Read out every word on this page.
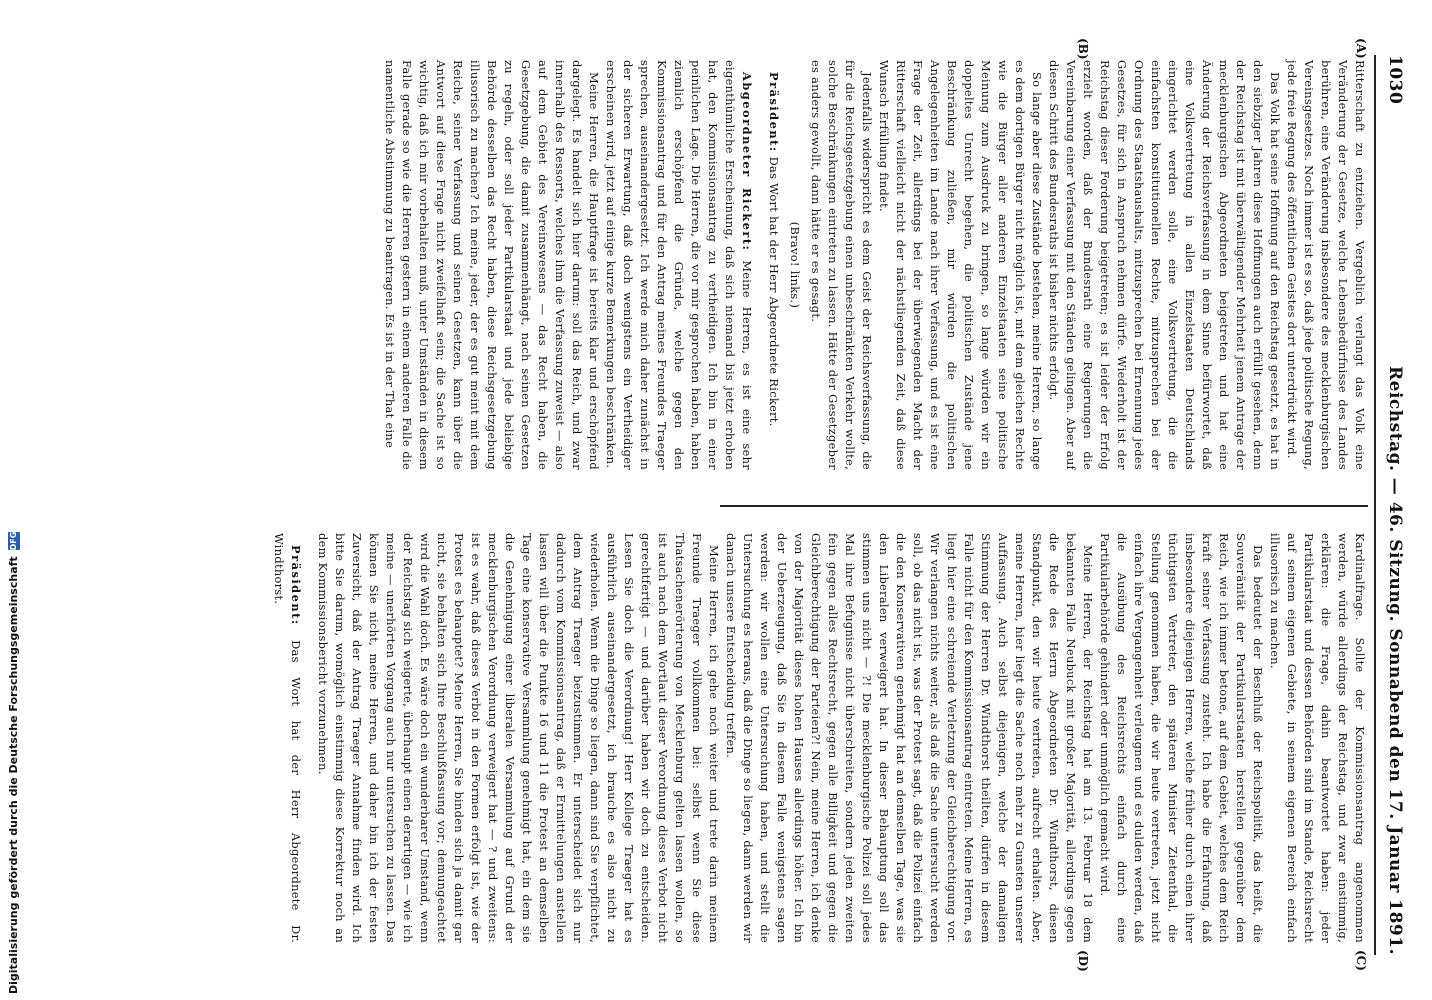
1030
Reichstag. — 46. Sitzung. Sonnabend den 17. Januar 1891.
(A)
(B)
(C)
(D)

Ritterschaft zu entziehen. Vergeblich verlangt das Volk eine Veränderung der Gesetze, welche Lebensbedürfnisse des Landes berühren, eine Veränderung insbesondere des mecklenburgischen Vereinsgesetzes. Noch immer ist es so, daß jede politische Regung, jede freie Regung des öffentlichen Geistes dort unterdrückt wird.

Das Volk hat seine Hoffnung auf den Reichstag gesetzt, es hat in den siebziger Jahren diese Hoffnungen auch erfüllt gesehen, denn der Reichstag ist mit überwältigender Mehrheit jenem Antrage der mecklenburgischen Abgeordneten beigetreten und hat eine Änderung der Reichsverfassung in dem Sinne befürwortet, daß eine Volksvertretung in allen Einzelstaaten Deutschlands eingerichtet werden solle, eine Volksvertretung, die die einfachsten konstitutionellen Rechte, mitzusprechen bei der Ordnung des Staatshaushalts, mitzusprechen bei Ernennung jedes Gesetzes, für sich in Anspruch nehmen dürfe. Wiederholt ist der Reichstag dieser Forderung beigetreten; es ist leider der Erfolg erzielt worden, daß der Bundesrath eine Regierungen die Vereinbarung einer Verfassung mit den Ständen gelingen. Aber auf diesen Schritt des Bundesraths ist bisher nichts erfolgt.

So lange aber diese Zustände bestehen, meine Herren, so lange es dem dortigen Bürger nicht möglich ist, mit dem gleichen Rechte wie die Bürger aller anderen Einzelstaaten seine politische Meinung zum Ausdruck zu bringen, so lange würden wir ein doppeltes Unrecht begehen, die politischen Zustände jene Beschränkung zuließen, mir würden die politischen Angelegenheiten im Lande nach ihrer Verfassung, und es ist eine Frage der Zeit, allerdings bei der überwiegenden Macht der Ritterschaft vielleicht nicht der nächstliegenden Zeit, daß diese Wunsch Erfüllung findet.

Jedenfalls widerspricht es dem Geist der Reichsverfassung, die für die Reichsgesetzgebung einen unbeschränkten Verkehr wollte, solche Beschränkungen eintreten zu lassen. Hätte der Gesetzgeber es anders gewollt, dann hätte er es gesagt.

(Bravo! links.)

Präsident: Das Wort hat der Herr Abgeordnete Rickert.

Abgeordneter Rickert: Meine Herren, es ist eine sehr eigenthümliche Erscheinung, daß sich niemand bis jetzt erhoben hat, den Kommissionsantrag zu vertheidigen. Ich bin in einer peinlichen Lage. Die Herren, die vor mir gesprochen haben, haben ziemlich erschöpfend die Gründe, welche gegen den Kommissionsantrag und für den Antrag meines Freundes Traeger sprechen, auseinandergesetzt. Ich werde mich daher zunächst in der sicheren Erwartung, daß doch wenigstens ein Vertheidiger erscheinen wird, jetzt auf einige kurze Bemerkungen beschränken.

Meine Herren, die Hauptfrage ist bereits klar und erschöpfend dargelegt. Es handelt sich hier darum: soll das Reich, und zwar innerhalb des Ressorts, welches ihm die Verfassung zuweist — also auf dem Gebiet des Vereinswesens — das Recht haben, die Gesetzgebung, die damit zusammenhängt, nach seinen Gesetzen zu regeln, oder soll jeder Partikularstaat und jede beliebige Behörde desselben das Recht haben, diese Reichsgesetzgebung illusorisch zu machen? Ich meine, jeder, der es gut meint mit dem Reiche, seiner Verfassung und seinen Gesetzen, kann über die Antwort auf diese Frage nicht zweifelhaft sein; die Sache ist so wichtig, daß ich mir vorbehalten muß, unter Umständen in diesem Falle gerade so wie die Herren gestern in einem anderen Falle die namentliche Abstimmung zu beantragen. Es ist in der That eine

Kardinalfrage. Sollte der Kommissionsantrag angenommen werden, würde allerdings der Reichstag, und zwar einstimmig, erklären: die Frage, dahin beantwortet haben: jeder Partikularstaat und dessen Behörden sind im Stande, Reichsrecht auf seinem eigenen Gebiete, in seinem eigenen Bereich einfach illusorisch zu machen.

Das bedeutet der Beschluß der Reichspolitik, das heißt, die Souveränität der Partikularstaaten herstellen gegenüber dem Reich, wie ich immer betone, auf dem Gebiet, welches dem Reich kraft seiner Verfassung zusteht. Ich habe die Erfahrung, daß insbesondere diejenigen Herren, welche früher durch einen ihrer tüchtigsten Vertreter, den späteren Minister Zietenthal, die Stellung genommen haben, die wir heute vertreten, jetzt nicht einfach ihre Vergangenheit verleugnen und es dulden werden, daß die Ausübung des Reichsrechts einfach durch eine Partikularbehörde gehindert oder unmöglich gemacht wird.

Meine Herren, der Reichstag hat am 13. Februar 18 dem bekannten Falle Neubuck mit großer Majorität, allerdings gegen die Rede des Herrn Abgeordneten Dr. Windthorst, diesen Standpunkt, den wir heute vertreten, aufrecht erhalten. Aber, meine Herren, hier liegt die Sache noch mehr zu Gunsten unserer Auffassung. Auch selbst diejenigen, welche der damaligen Stimmung der Herren Dr. Windthorst theilten, dürfen in diesem Falle nicht für den Kommissionsantrag eintreten. Meine Herren, es liegt hier eine schreiende Verletzung der Gleichberechtigung vor. Wir verlangen nichts weiter, als daß die Sache untersucht werden soll, ob das nicht ist, was der Protest sagt, daß die Polizei einfach die den Konservativen genehmigt hat an demselben Tage, was sie den Liberalen verweigert hat. In dieser Behauptung soll das stimmen uns nicht — ?! Die mecklenburgische Polizei soll jedes Mal ihre Befugnisse nicht überschreiten, sondern jeden zweiten fein gegen alles Rechtsrecht, gegen alle Billigkeit und gegen die Gleichberechtigung der Parteien?! Nein, meine Herren, ich denke von der Majorität dieses hohen Hauses allerdings höher. Ich bin der Ueberzeugung, daß Sie in diesem Falle wenigstens sagen werden: wir wollen eine Untersuchung haben, und stellt die Untersuchung es heraus, daß die Dinge so liegen, dann werden wir danach unsere Entscheidung treffen.

Meine Herren, ich gehe noch weiter und trete darin meinem Freunde Traeger vollkommen bei: selbst wenn Sie diese Thatsachenerörterung von Mecklenburg gelten lassen wollen, so ist auch nach dem Wortlaut dieser Verordnung dieses Verbot nicht gerechtfertigt — und darüber haben wir doch zu entscheiden. Lesen Sie doch die Verordnung! Herr Kollege Traeger hat es ausführlich auseinandergesetzt, ich brauche es also nicht zu wiederholen. Wenn die Dinge so liegen, dann sind Sie verpflichtet, dem Antrag Traeger beizustimmen. Er unterscheidet sich nur dadurch vom Kommissionsantrag, daß er Ermittelungen anstellen lassen will über die Punkte 16 und 11 die Protest an demselben Tage eine konservative Versammlung genehmigt hat, ein dem sie die Genehmigung einer liberalen Versammlung auf Grund der mecklenburgischen Verordnung verweigert hat — ? und zweitens: ist es wahr, daß dieses Verbot in den Formen erfolgt ist, wie der Protest es behauptet? Meine Herren, Sie binden sich ja damit gar nicht, sie behalten sich Ihre Beschlußfassung vor; demungeachtet wird die Wahl doch. Es wäre doch ein wunderbarer Umstand, wenn der Reichstag sich weigerte, überhaupt einen derartigen — wie ich meine — unerhörten Vorgang auch nur untersuchen zu lassen. Das können Sie nicht, meine Herren, und daher bin ich der festen Zuversicht, daß der Antrag Traeger Annahme finden wird. Ich bitte Sie darum, womöglich einstimmig diese Korrektur noch an dem Kommissionsbericht vorzunehmen.

Präsident: Das Wort hat der Herr Abgeordnete Dr. Windthorst.

Digitalisierung gefördert durch die Deutsche Forschungsgemeinschaft
DFG
